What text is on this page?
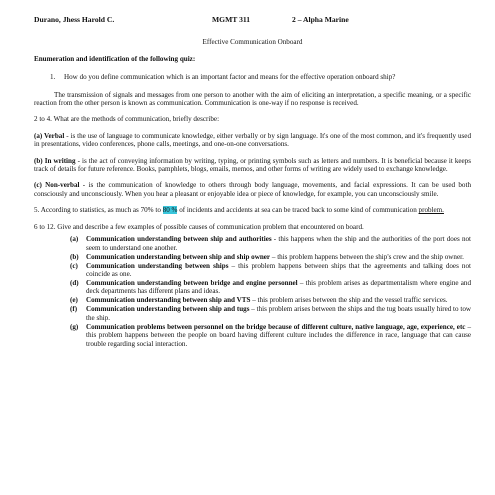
Durano, Jhess Harold C.	MGMT 311	2 – Alpha Marine
Effective Communication Onboard
Enumeration and identification of the following quiz:
1.	How do you define communication which is an important factor and means for the effective operation onboard ship?

The transmission of signals and messages from one person to another with the aim of eliciting an interpretation, a specific meaning, or a specific reaction from the other person is known as communication. Communication is one-way if no response is received.

2 to 4. What are the methods of communication, briefly describe:

(a) Verbal - is the use of language to communicate knowledge, either verbally or by sign language. It's one of the most common, and it's frequently used in presentations, video conferences, phone calls, meetings, and one-on-one conversations.

(b) In writing - is the act of conveying information by writing, typing, or printing symbols such as letters and numbers. It is beneficial because it keeps track of details for future reference. Books, pamphlets, blogs, emails, memos, and other forms of writing are widely used to exchange knowledge.

(c) Non-verbal - is the communication of knowledge to others through body language, movements, and facial expressions. It can be used both consciously and unconsciously. When you hear a pleasant or enjoyable idea or piece of knowledge, for example, you can unconsciously smile.

5. According to statistics, as much as 70% to 80 % of incidents and accidents at sea can be traced back to some kind of communication problem.

6 to 12. Give and describe a few examples of possible causes of communication problem that encountered on board.

(a)	Communication understanding between ship and authorities - this happens when the ship and the authorities of the port does not seem to understand one another.
(b)	Communication understanding between ship and ship owner – this problem happens between the ship's crew and the ship owner.
(c)	Communication understanding between ships – this problem happens between ships that the agreements and talking does not coincide as one.
(d)	Communication understanding between bridge and engine personnel – this problem arises as departmentalism where engine and deck departments has different plans and ideas.
(e)	Communication understanding between ship and VTS – this problem arises between the ship and the vessel traffic services.
(f)	Communication understanding between ship and tugs – this problem arises between the ships and the tug boats usually hired to tow the ship.
(g)	Communication problems between personnel on the bridge because of different culture, native language, age, experience, etc – this problem happens between the people on board having different culture includes the difference in race, language that can cause trouble regarding social interaction.
